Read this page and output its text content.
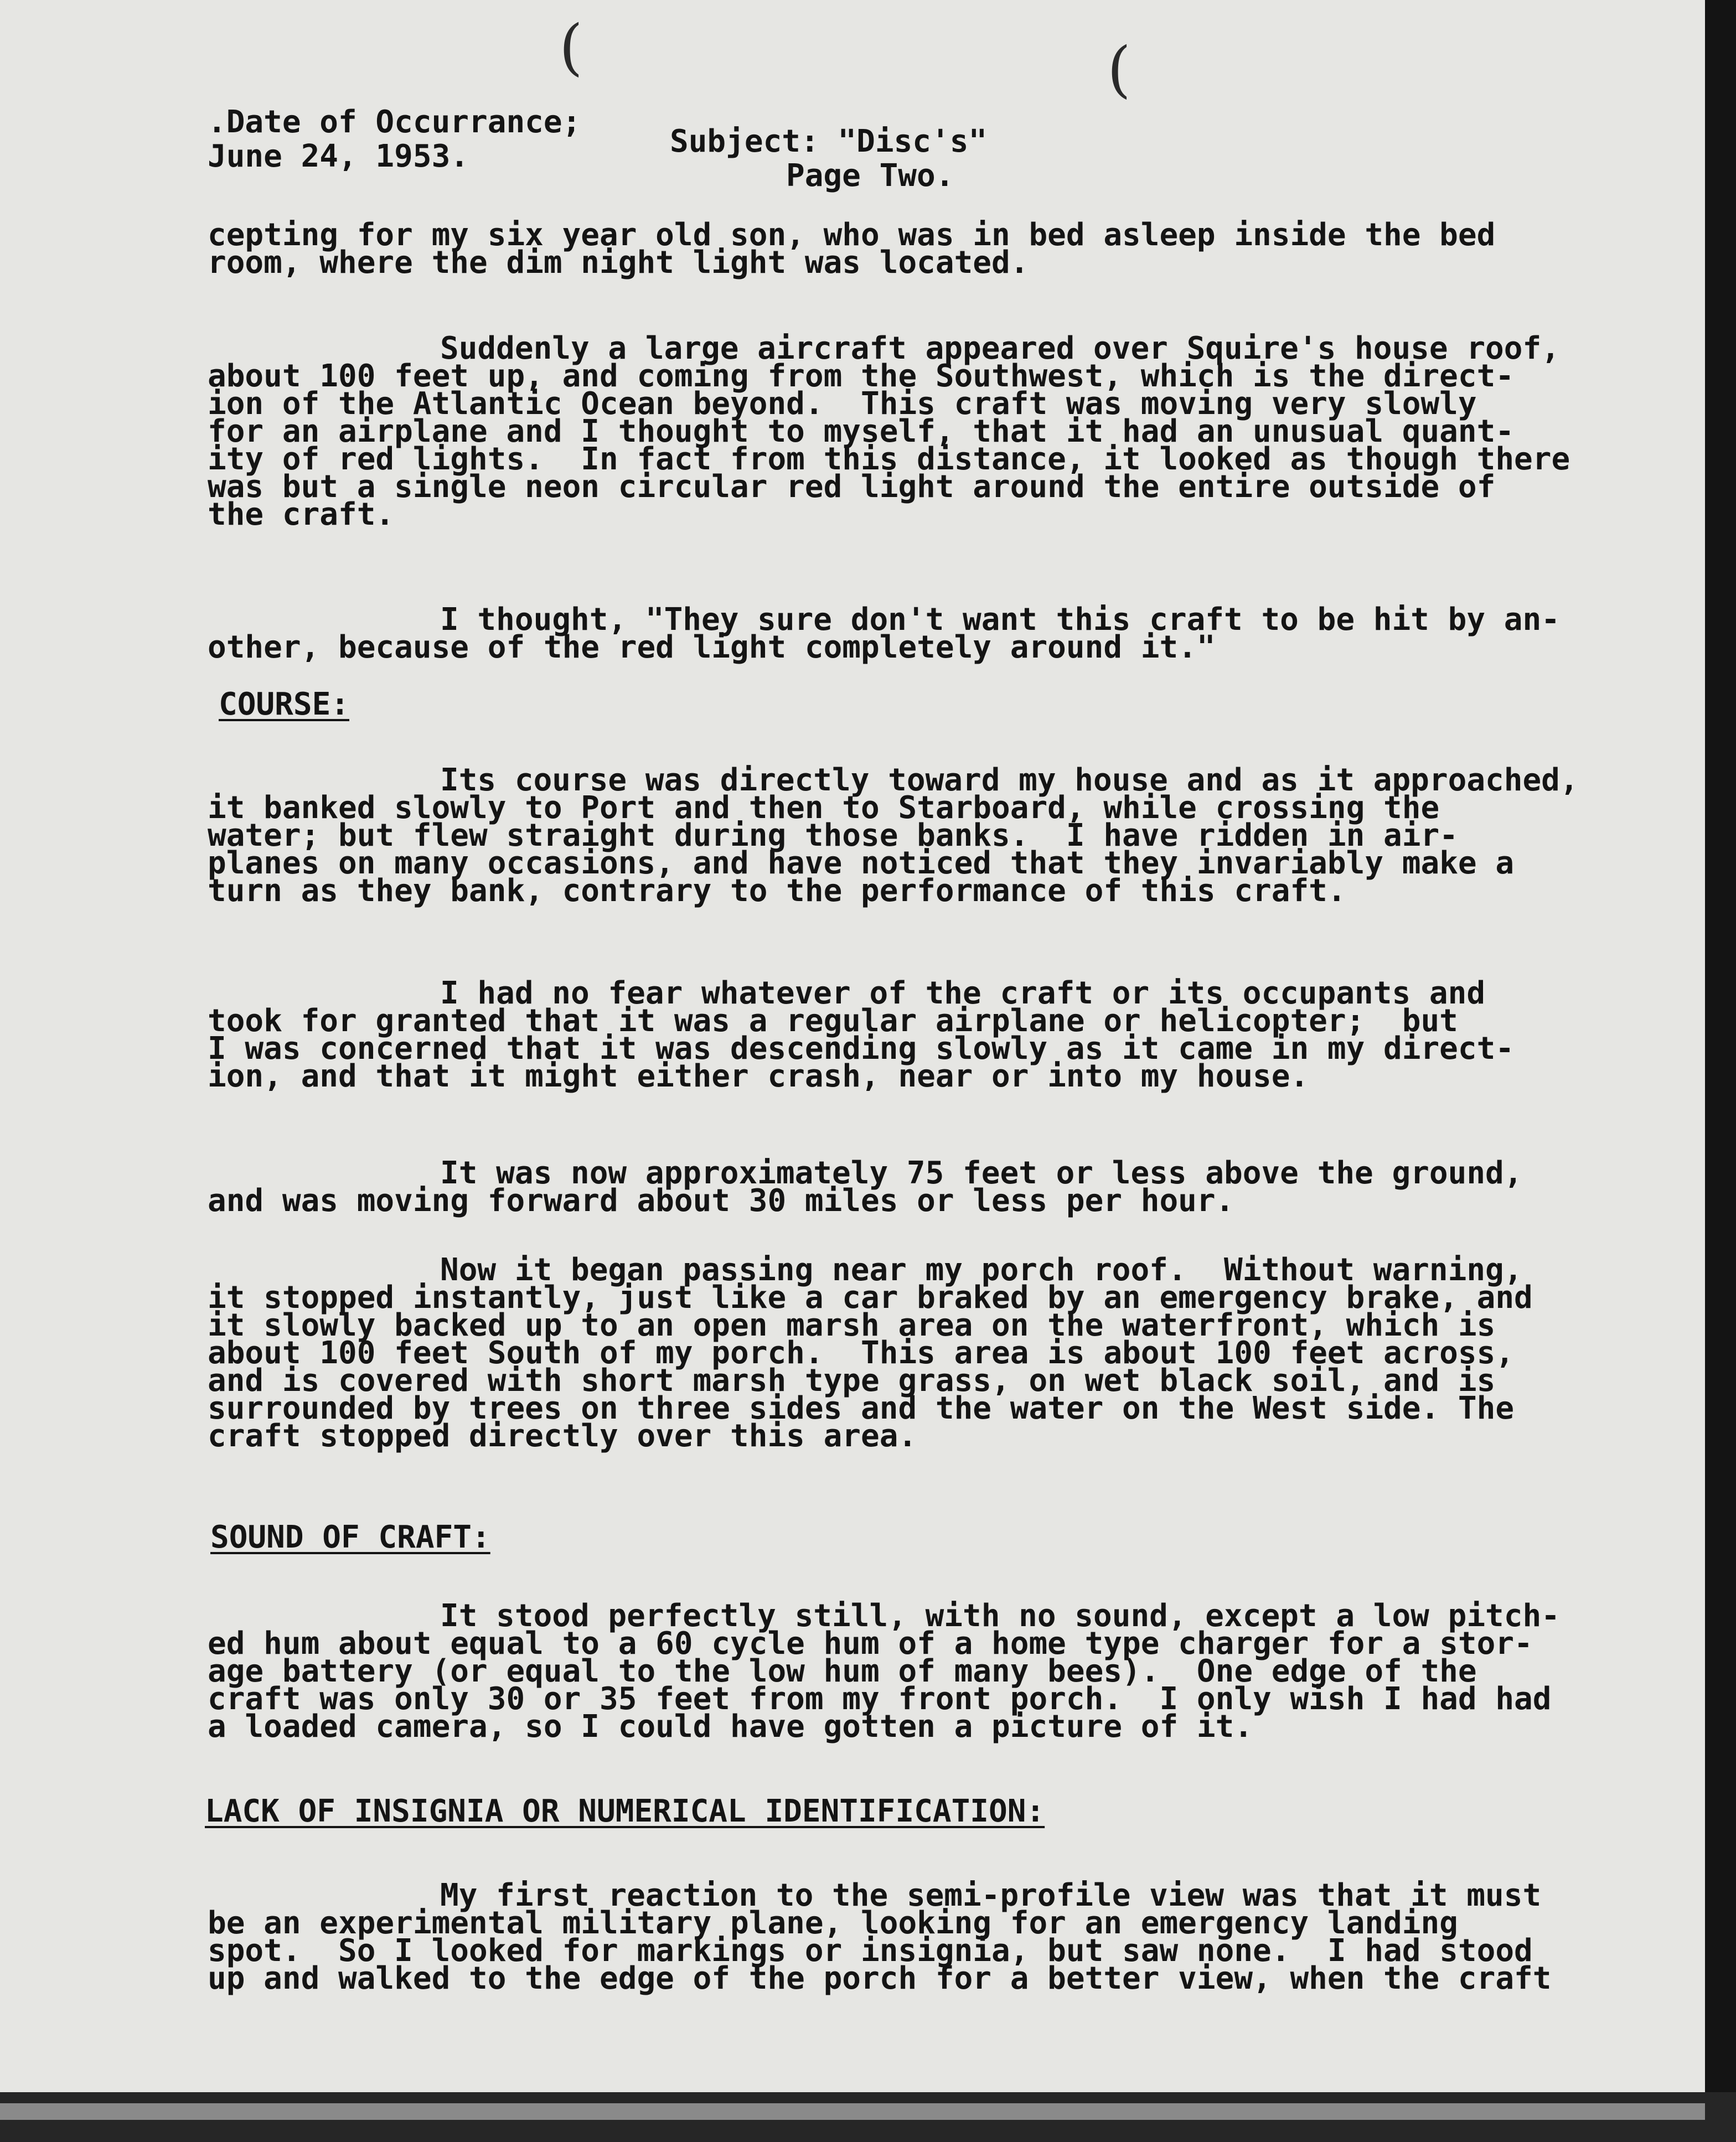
(	(
.Date of Occurrance;
June 24, 1953.	Subject: "Disc's"
Page Two.

cepting for my six year old son, who was in bed asleep inside the bed
room, where the dim night light was located.

Suddenly a large aircraft appeared over Squire's house roof,
about 100 feet up, and coming from the Southwest, which is the direct-
ion of the Atlantic Ocean beyond.  This craft was moving very slowly
for an airplane and I thought to myself, that it had an unusual quant-
ity of red lights.  In fact from this distance, it looked as though there
was but a single neon circular red light around the entire outside of
the craft.

I thought, "They sure don't want this craft to be hit by an-
other, because of the red light completely around it."

COURSE:

Its course was directly toward my house and as it approached,
it banked slowly to Port and then to Starboard, while crossing the
water; but flew straight during those banks.  I have ridden in air-
planes on many occasions, and have noticed that they invariably make a
turn as they bank, contrary to the performance of this craft.

I had no fear whatever of the craft or its occupants and
took for granted that it was a regular airplane or helicopter;  but
I was concerned that it was descending slowly as it came in my direct-
ion, and that it might either crash, near or into my house.

It was now approximately 75 feet or less above the ground,
and was moving forward about 30 miles or less per hour.

Now it began passing near my porch roof.  Without warning,
it stopped instantly, just like a car braked by an emergency brake, and
it slowly backed up to an open marsh area on the waterfront, which is
about 100 feet South of my porch.  This area is about 100 feet across,
and is covered with short marsh type grass, on wet black soil, and is
surrounded by trees on three sides and the water on the West side. The
craft stopped directly over this area.

SOUND OF CRAFT:

It stood perfectly still, with no sound, except a low pitch-
ed hum about equal to a 60 cycle hum of a home type charger for a stor-
age battery (or equal to the low hum of many bees).  One edge of the
craft was only 30 or 35 feet from my front porch.  I only wish I had had
a loaded camera, so I could have gotten a picture of it.

LACK OF INSIGNIA OR NUMERICAL IDENTIFICATION:

My first reaction to the semi-profile view was that it must
be an experimental military plane, looking for an emergency landing
spot.  So I looked for markings or insignia, but saw none.  I had stood
up and walked to the edge of the porch for a better view, when the craft
